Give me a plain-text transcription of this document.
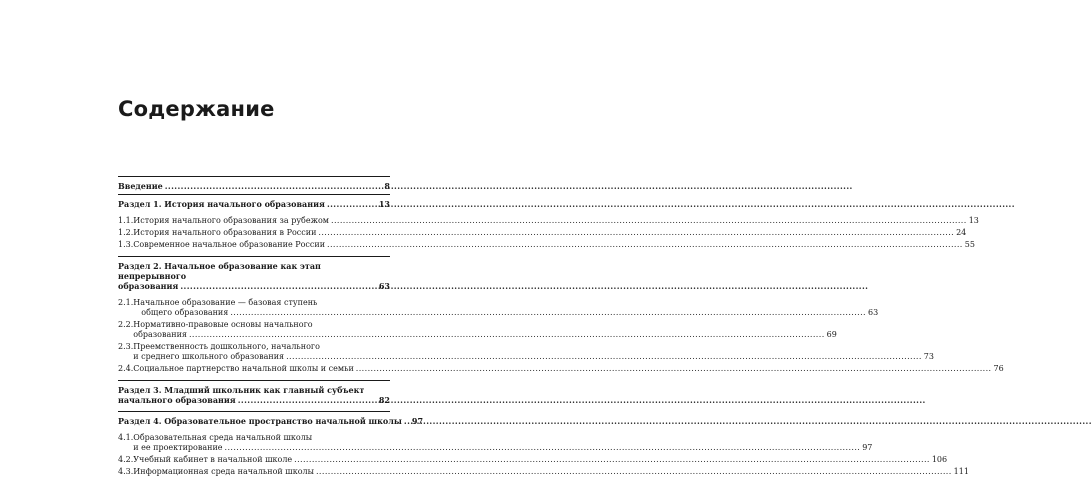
Содержание
Введение .....	8
Раздел 1. История начального образования .....	13
1.1. История начального образования за рубежом .....	13
1.2. История начального образования в России .....	24
1.3. Современное начальное образование России .....	55
Раздел 2. Начальное образование как этап непрерывного
образования .....	63
2.1. Начальное образование — базовая ступень
общего образования .....	63
2.2. Нормативно-правовые основы начального
образования .....	69
2.3. Преемственность дошкольного, начального
и среднего школьного образования .....	73
2.4. Социальное партнерство начальной школы и семьи .....	76
Раздел 3. Младший школьник как главный субъект
начального образования .....	82
Раздел 4. Образовательное пространство начальной школы ..... 97
4.1. Образовательная среда начальной школы
и ее проектирование .....	97
4.2. Учебный кабинет в начальной школе .....	106
4.3. Информационная среда начальной школы .....	111
